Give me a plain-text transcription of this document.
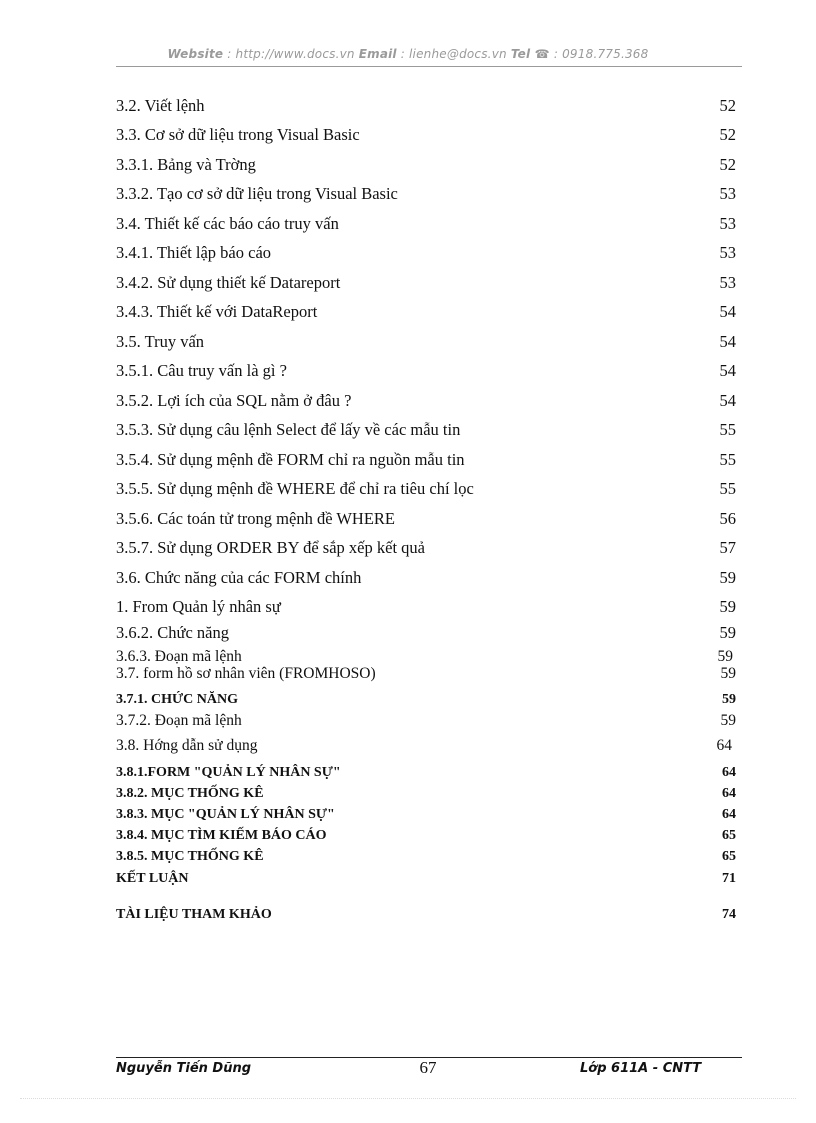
Website : http://www.docs.vn Email : lienhe@docs.vn Tel ☎ : 0918.775.368
3.2. Viết lệnh	52
3.3. Cơ sở dữ liệu trong Visual Basic	52
3.3.1. Bảng và Trờng	52
3.3.2. Tạo cơ sở dữ liệu trong Visual Basic	53
3.4. Thiết kế các báo cáo truy vấn	53
3.4.1. Thiết lập báo cáo	53
3.4.2. Sử dụng thiết kế Datareport	53
3.4.3. Thiết kế với DataReport	54
3.5. Truy vấn	54
3.5.1. Câu truy vấn là gì ?	54
3.5.2. Lợi ích của SQL nằm ở đâu ?	54
3.5.3. Sử dụng câu lệnh Select để lấy về các mẫu tin	55
3.5.4. Sử dụng mệnh đề FORM chỉ ra nguồn mẫu tin	55
3.5.5. Sử dụng mệnh đề WHERE để chỉ ra tiêu chí lọc	55
3.5.6. Các toán tử trong mệnh đề WHERE	56
3.5.7. Sử dụng ORDER BY để sắp xếp kết quả	57
3.6. Chức năng của các FORM chính	59
1. From Quản lý nhân sự	59
3.6.2. Chức năng	59
3.6.3. Đoạn mã lệnh	59
3.7. form hồ sơ nhân viên (FROMHOSO)	59
3.7.1. CHỨC NĂNG	59
3.7.2. Đoạn mã lệnh	59
3.8. Hớng dẫn sử dụng	64
3.8.1.FORM "QUẢN LÝ NHÂN SỰ"	64
3.8.2. MỤC THỐNG KÊ	64
3.8.3. MỤC "QUẢN LÝ NHÂN SỰ"	64
3.8.4. MỤC TÌM KIẾM BÁO CÁO	65
3.8.5. MỤC THỐNG KÊ	65
KẾT LUẬN	71
TÀI LIỆU THAM KHẢO	74
Nguyễn Tiến Dũng	67	Lớp 611A - CNTT
